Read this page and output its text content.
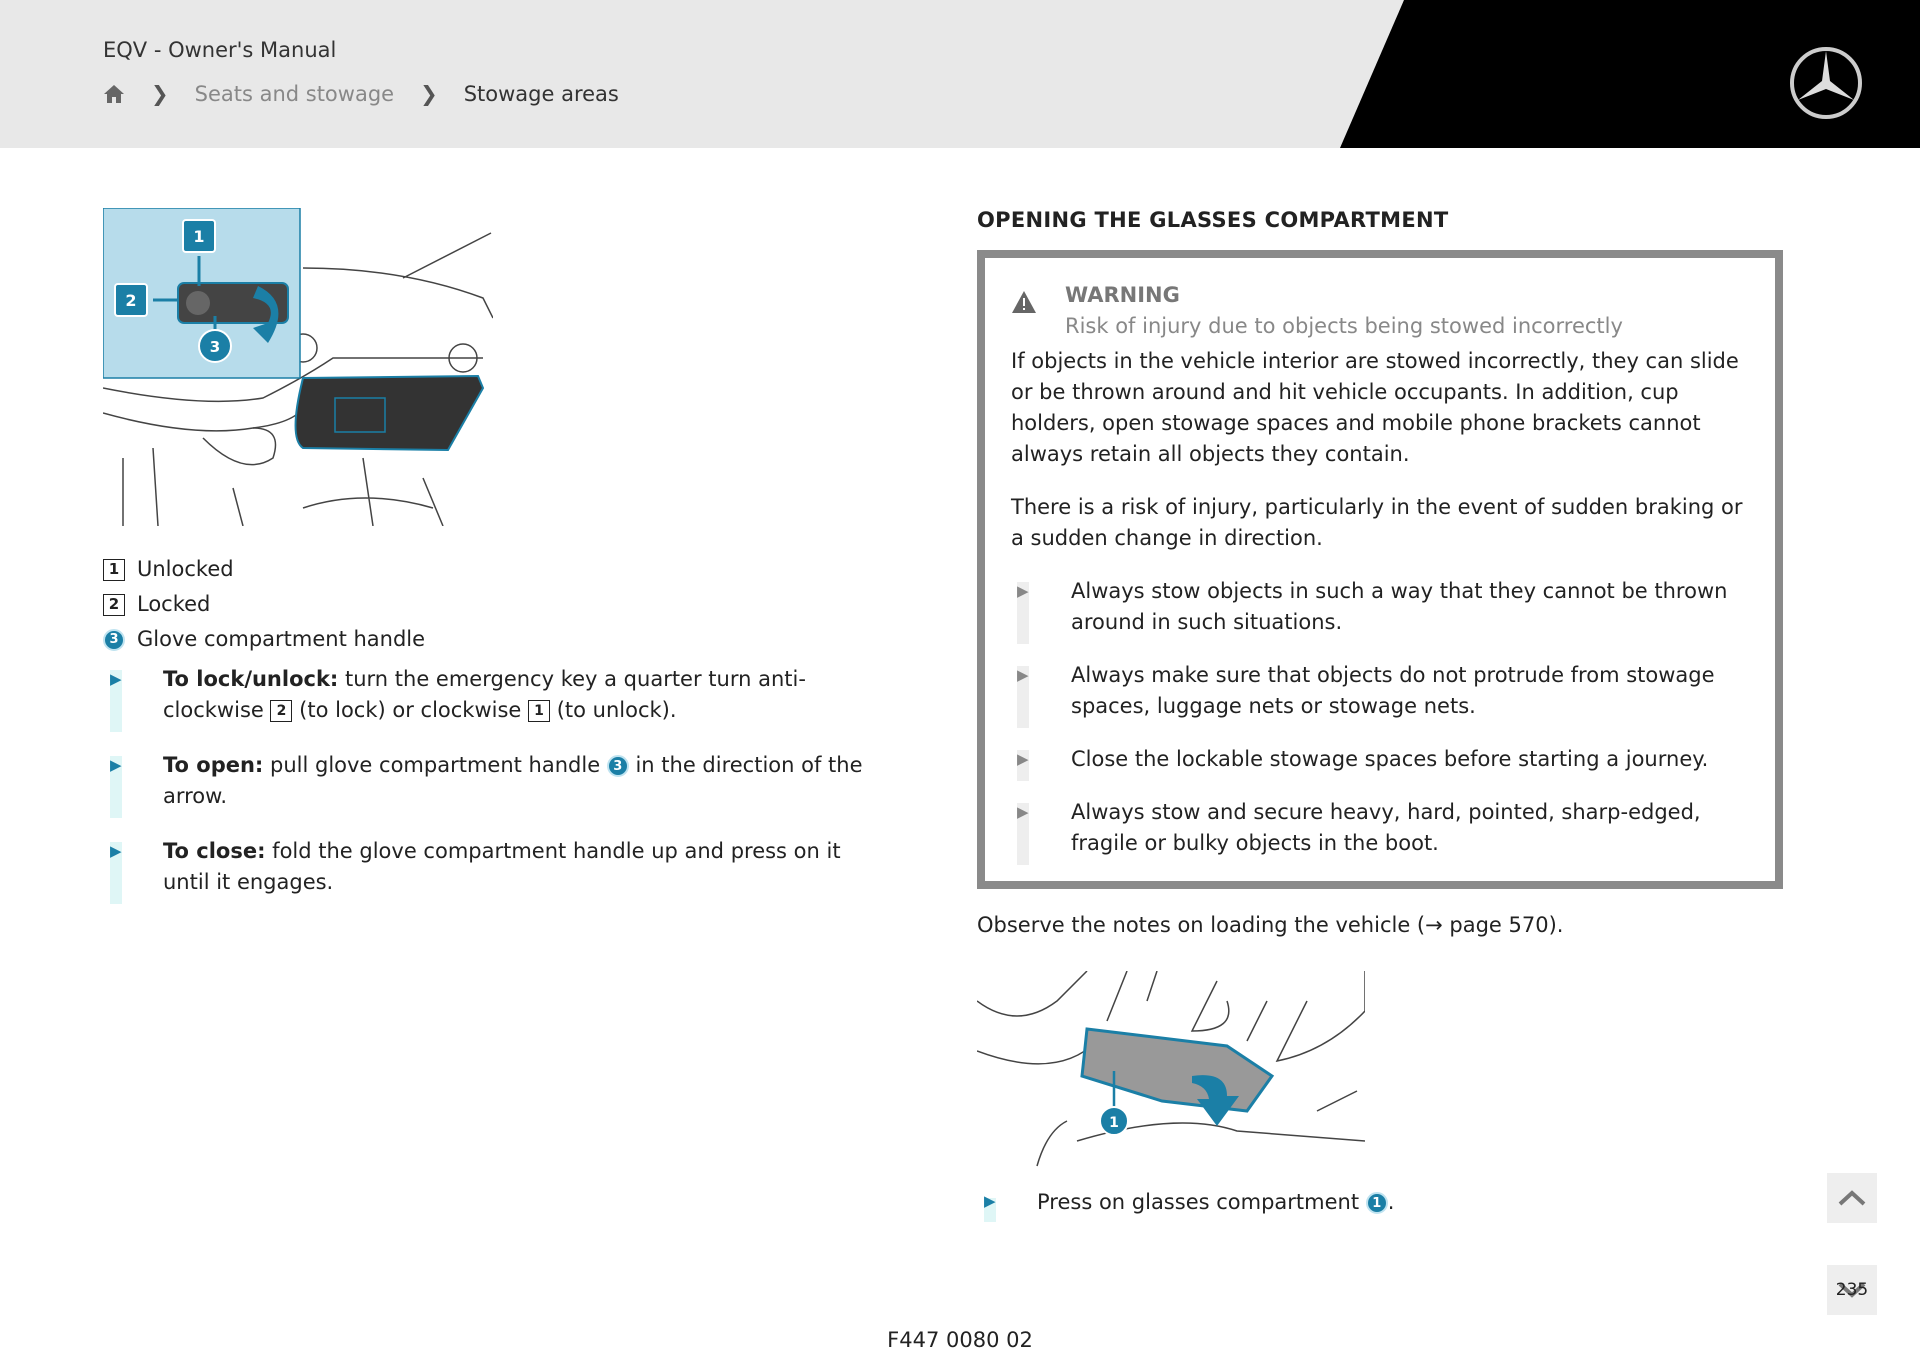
EQV - Owner's Manual
❯ Seats and stowage ❯ Stowage areas
1
2
3
1 Unlocked
2 Locked
3 Glove compartment handle
▶ To lock/unlock: turn the emergency key a quarter turn anti-clockwise 2 (to lock) or clockwise 1 (to unlock).
▶ To open: pull glove compartment handle 3 in the direction of the arrow.
▶ To close: fold the glove compartment handle up and press on it until it engages.
OPENING THE GLASSES COMPARTMENT
WARNING
Risk of injury due to objects being stowed incorrectly

If objects in the vehicle interior are stowed incorrectly, they can slide or be thrown around and hit vehicle occupants. In addition, cup holders, open stowage spaces and mobile phone brackets cannot always retain all objects they contain.

There is a risk of injury, particularly in the event of sudden braking or a sudden change in direction.

▶ Always stow objects in such a way that they cannot be thrown around in such situations.
▶ Always make sure that objects do not protrude from stowage spaces, luggage nets or stowage nets.
▶ Close the lockable stowage spaces before starting a journey.
▶ Always stow and secure heavy, hard, pointed, sharp-edged, fragile or bulky objects in the boot.
Observe the notes on loading the vehicle (→ page 570).
1
▶ Press on glasses compartment 1 .
235
F447 0080 02
